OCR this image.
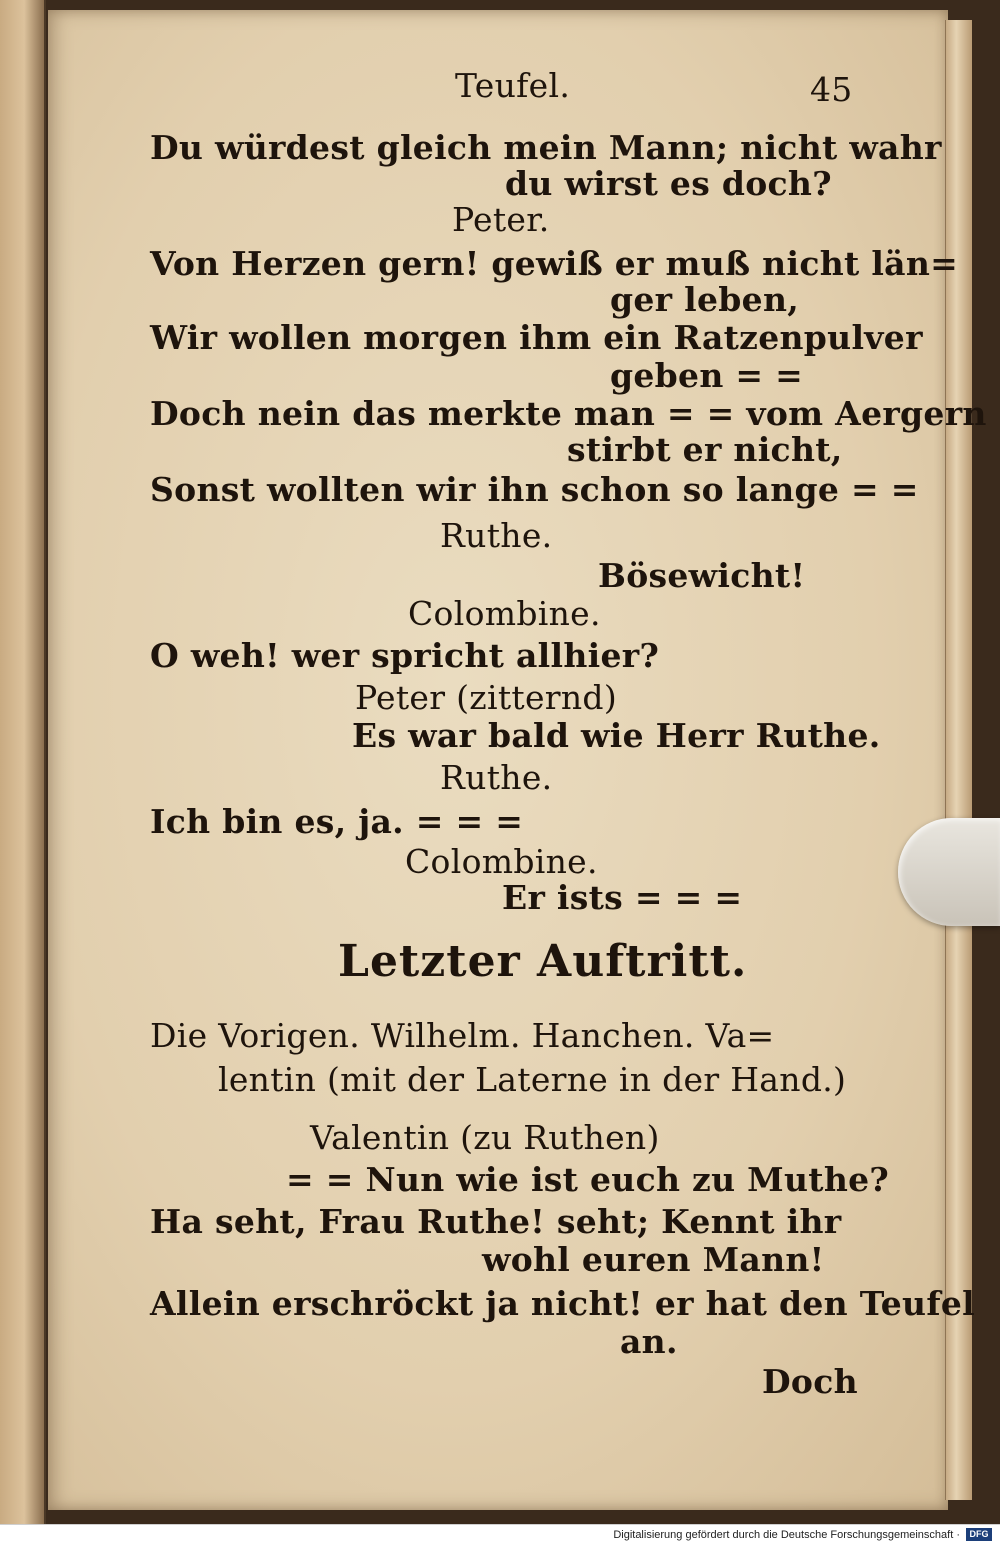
Teufel.	45
Du würdest gleich mein Mann; nicht wahr
du wirst es doch?
Peter.
Von Herzen gern! gewiß er muß nicht län=
ger leben,
Wir wollen morgen ihm ein Ratzenpulver
geben = =
Doch nein das merkte man = = vom Aergern
stirbt er nicht,
Sonst wollten wir ihn schon so lange = =
Ruthe.
Bösewicht!
Colombine.
O weh! wer spricht allhier?
Peter (zitternd)
Es war bald wie Herr Ruthe.
Ruthe.
Ich bin es, ja. = = =
Colombine.
Er ists = = =
Letzter Auftritt.
Die Vorigen. Wilhelm. Hanchen. Va=
lentin (mit der Laterne in der Hand.)
Valentin (zu Ruthen)
= = Nun wie ist euch zu Muthe?
Ha seht, Frau Ruthe! seht; Kennt ihr
wohl euren Mann!
Allein erschröckt ja nicht! er hat den Teufel
an.
Doch
Digitalisierung gefördert durch die Deutsche Forschungsgemeinschaft ·	DFG
